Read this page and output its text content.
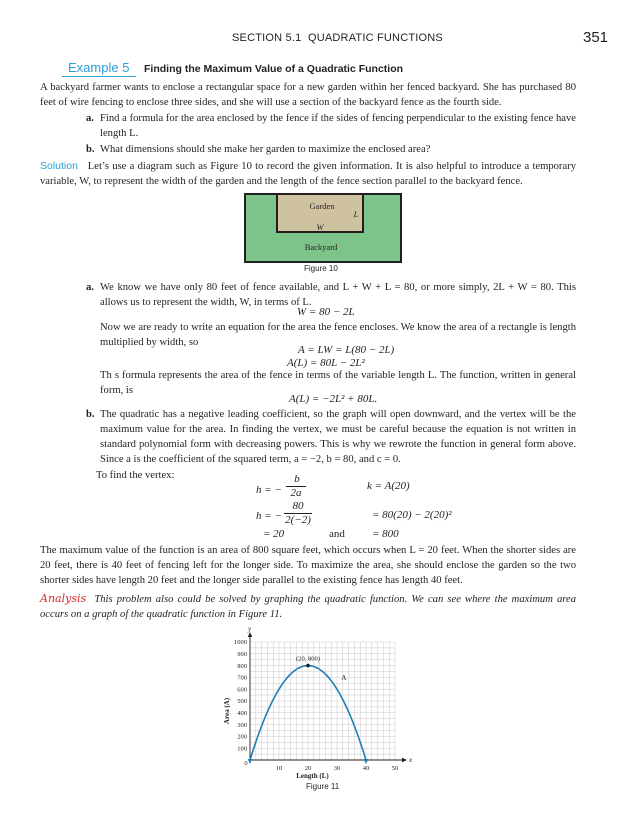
SECTION 5.1 QUADRATIC FUNCTIONS	351
Example 5 Finding the Maximum Value of a Quadratic Function
A backyard farmer wants to enclose a rectangular space for a new garden within her fenced backyard. She has purchased 80 feet of wire fencing to enclose three sides, and she will use a section of the backyard fence as the fourth side.
a. Find a formula for the area enclosed by the fence if the sides of fencing perpendicular to the existing fence have length L.
b. What dimensions should she make her garden to maximize the enclosed area?
Solution Let’s use a diagram such as Figure 10 to record the given information. It is also helpful to introduce a temporary variable, W, to represent the width of the garden and the length of the fence section parallel to the backyard fence.
Garden
L
W
Backyard
Figure 10
a. We know we have only 80 feet of fence available, and L + W + L = 80, or more simply, 2L + W = 80. This allows us to represent the width, W, in terms of L.
W = 80 − 2L
Now we are ready to write an equation for the area the fence encloses. We know the area of a rectangle is length multiplied by width, so
A = LW = L(80 − 2L)
A(L) = 80L − 2L²
Th s formula represents the area of the fence in terms of the variable length L. The function, written in general form, is
A(L) = −2L² + 80L.
b. The quadratic has a negative leading coefficient, so the graph will open downward, and the vertex will be the maximum value for the area. In finding the vertex, we must be careful because the equation is not written in standard polynomial form with decreasing powers. This is why we rewrote the function in general form above. Since a is the coefficient of the squared term, a = −2, b = 80, and c = 0.
To find the vertex:
h = −
b
2a
k = A(20)
h = −
80
2(−2)	= 80(20) − 2(20)²
= 20	and = 800
The maximum value of the function is an area of 800 square feet, which occurs when L = 20 feet. When the shorter sides are 20 feet, there is 40 feet of fencing left for the longer side. To maximize the area, she should enclose the garden so the two shorter sides have length 20 feet and the longer side parallel to the existing fence has length 40 feet.
Analysis This problem also could be solved by graphing the quadratic function. We can see where the maximum area occurs on a graph of the quadratic function in Figure 11.
x
y
0
10	20	30	40	50
100
200
300
400
500
600
700
800
900
1000
Length (L)
Area (A)
(20, 800)
A
Figure 11
